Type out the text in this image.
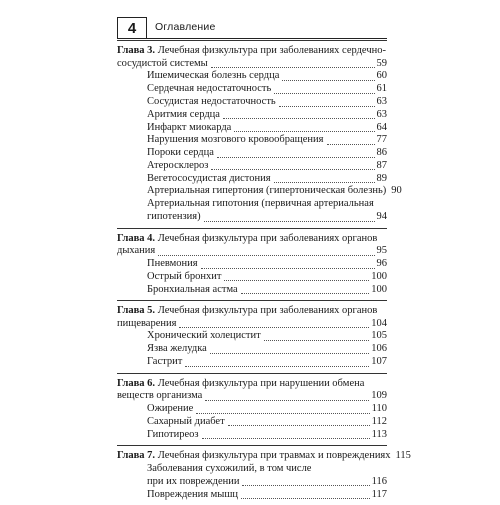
4	Оглавление
Глава 3. Лечебная физкультура при заболеваниях сердечно-
сосудистой системы	59
Ишемическая болезнь сердца	60
Сердечная недостаточность	61
Сосудистая недостаточность	63
Аритмия сердца	63
Инфаркт миокарда	64
Нарушения мозгового кровообращения	77
Пороки сердца	86
Атеросклероз	87
Вегетососудистая дистония	89
Артериальная гипертония (гипертоническая болезнь) 90
Артериальная гипотония (первичная артериальная
гипотензия)	94
Глава 4. Лечебная физкультура при заболеваниях органов
дыхания	95
Пневмония	96
Острый бронхит	100
Бронхиальная астма	100
Глава 5. Лечебная физкультура при заболеваниях органов
пищеварения	104
Хронический холецистит	105
Язва желудка	106
Гастрит	107
Глава 6. Лечебная физкультура при нарушении обмена
веществ организма	109
Ожирение	110
Сахарный диабет	112
Гипотиреоз	113
Глава 7. Лечебная физкультура при травмах и повреждениях 115
Заболевания сухожилий, в том числе
при их повреждении	116
Повреждения мышц	117
